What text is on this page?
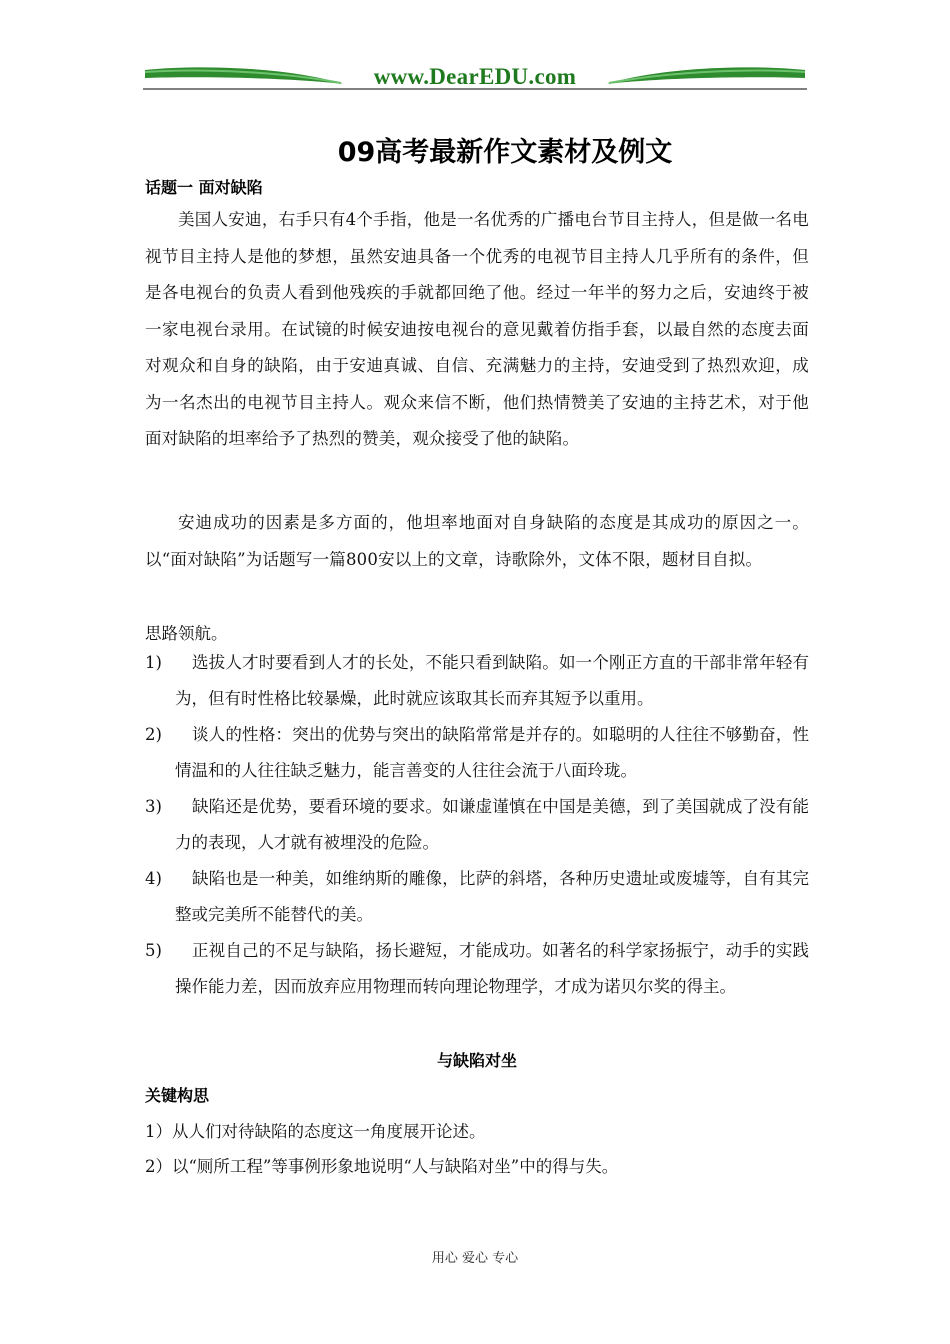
www.DearEDU.com
09高考最新作文素材及例文
话题一 面对缺陷
美国人安迪，右手只有4个手指，他是一名优秀的广播电台节目主持人，但是做一名电视节目主持人是他的梦想，虽然安迪具备一个优秀的电视节目主持人几乎所有的条件，但是各电视台的负责人看到他残疾的手就都回绝了他。经过一年半的努力之后，安迪终于被一家电视台录用。在试镜的时候安迪按电视台的意见戴着仿指手套，以最自然的态度去面对观众和自身的缺陷，由于安迪真诚、自信、充满魅力的主持，安迪受到了热烈欢迎，成为一名杰出的电视节目主持人。观众来信不断，他们热情赞美了安迪的主持艺术，对于他面对缺陷的坦率给予了热烈的赞美，观众接受了他的缺陷。
安迪成功的因素是多方面的，他坦率地面对自身缺陷的态度是其成功的原因之一。以“面对缺陷”为话题写一篇800安以上的文章，诗歌除外，文体不限，题材目自拟。
思路领航。
1)	选拔人才时要看到人才的长处，不能只看到缺陷。如一个刚正方直的干部非常年轻有为，但有时性格比较暴燥，此时就应该取其长而弃其短予以重用。
2)	谈人的性格：突出的优势与突出的缺陷常常是并存的。如聪明的人往往不够勤奋，性情温和的人往往缺乏魅力，能言善变的人往往会流于八面玲珑。
3)	缺陷还是优势，要看环境的要求。如谦虚谨慎在中国是美德，到了美国就成了没有能力的表现，人才就有被埋没的危险。
4)	缺陷也是一种美，如维纳斯的雕像，比萨的斜塔，各种历史遗址或废墟等，自有其完整或完美所不能替代的美。
5)	正视自己的不足与缺陷，扬长避短，才能成功。如著名的科学家扬振宁，动手的实践操作能力差，因而放弃应用物理而转向理论物理学，才成为诺贝尔奖的得主。
与缺陷对坐
关键构思
1）从人们对待缺陷的态度这一角度展开论述。
2）以“厕所工程”等事例形象地说明“人与缺陷对坐”中的得与失。
用心 爱心 专心
